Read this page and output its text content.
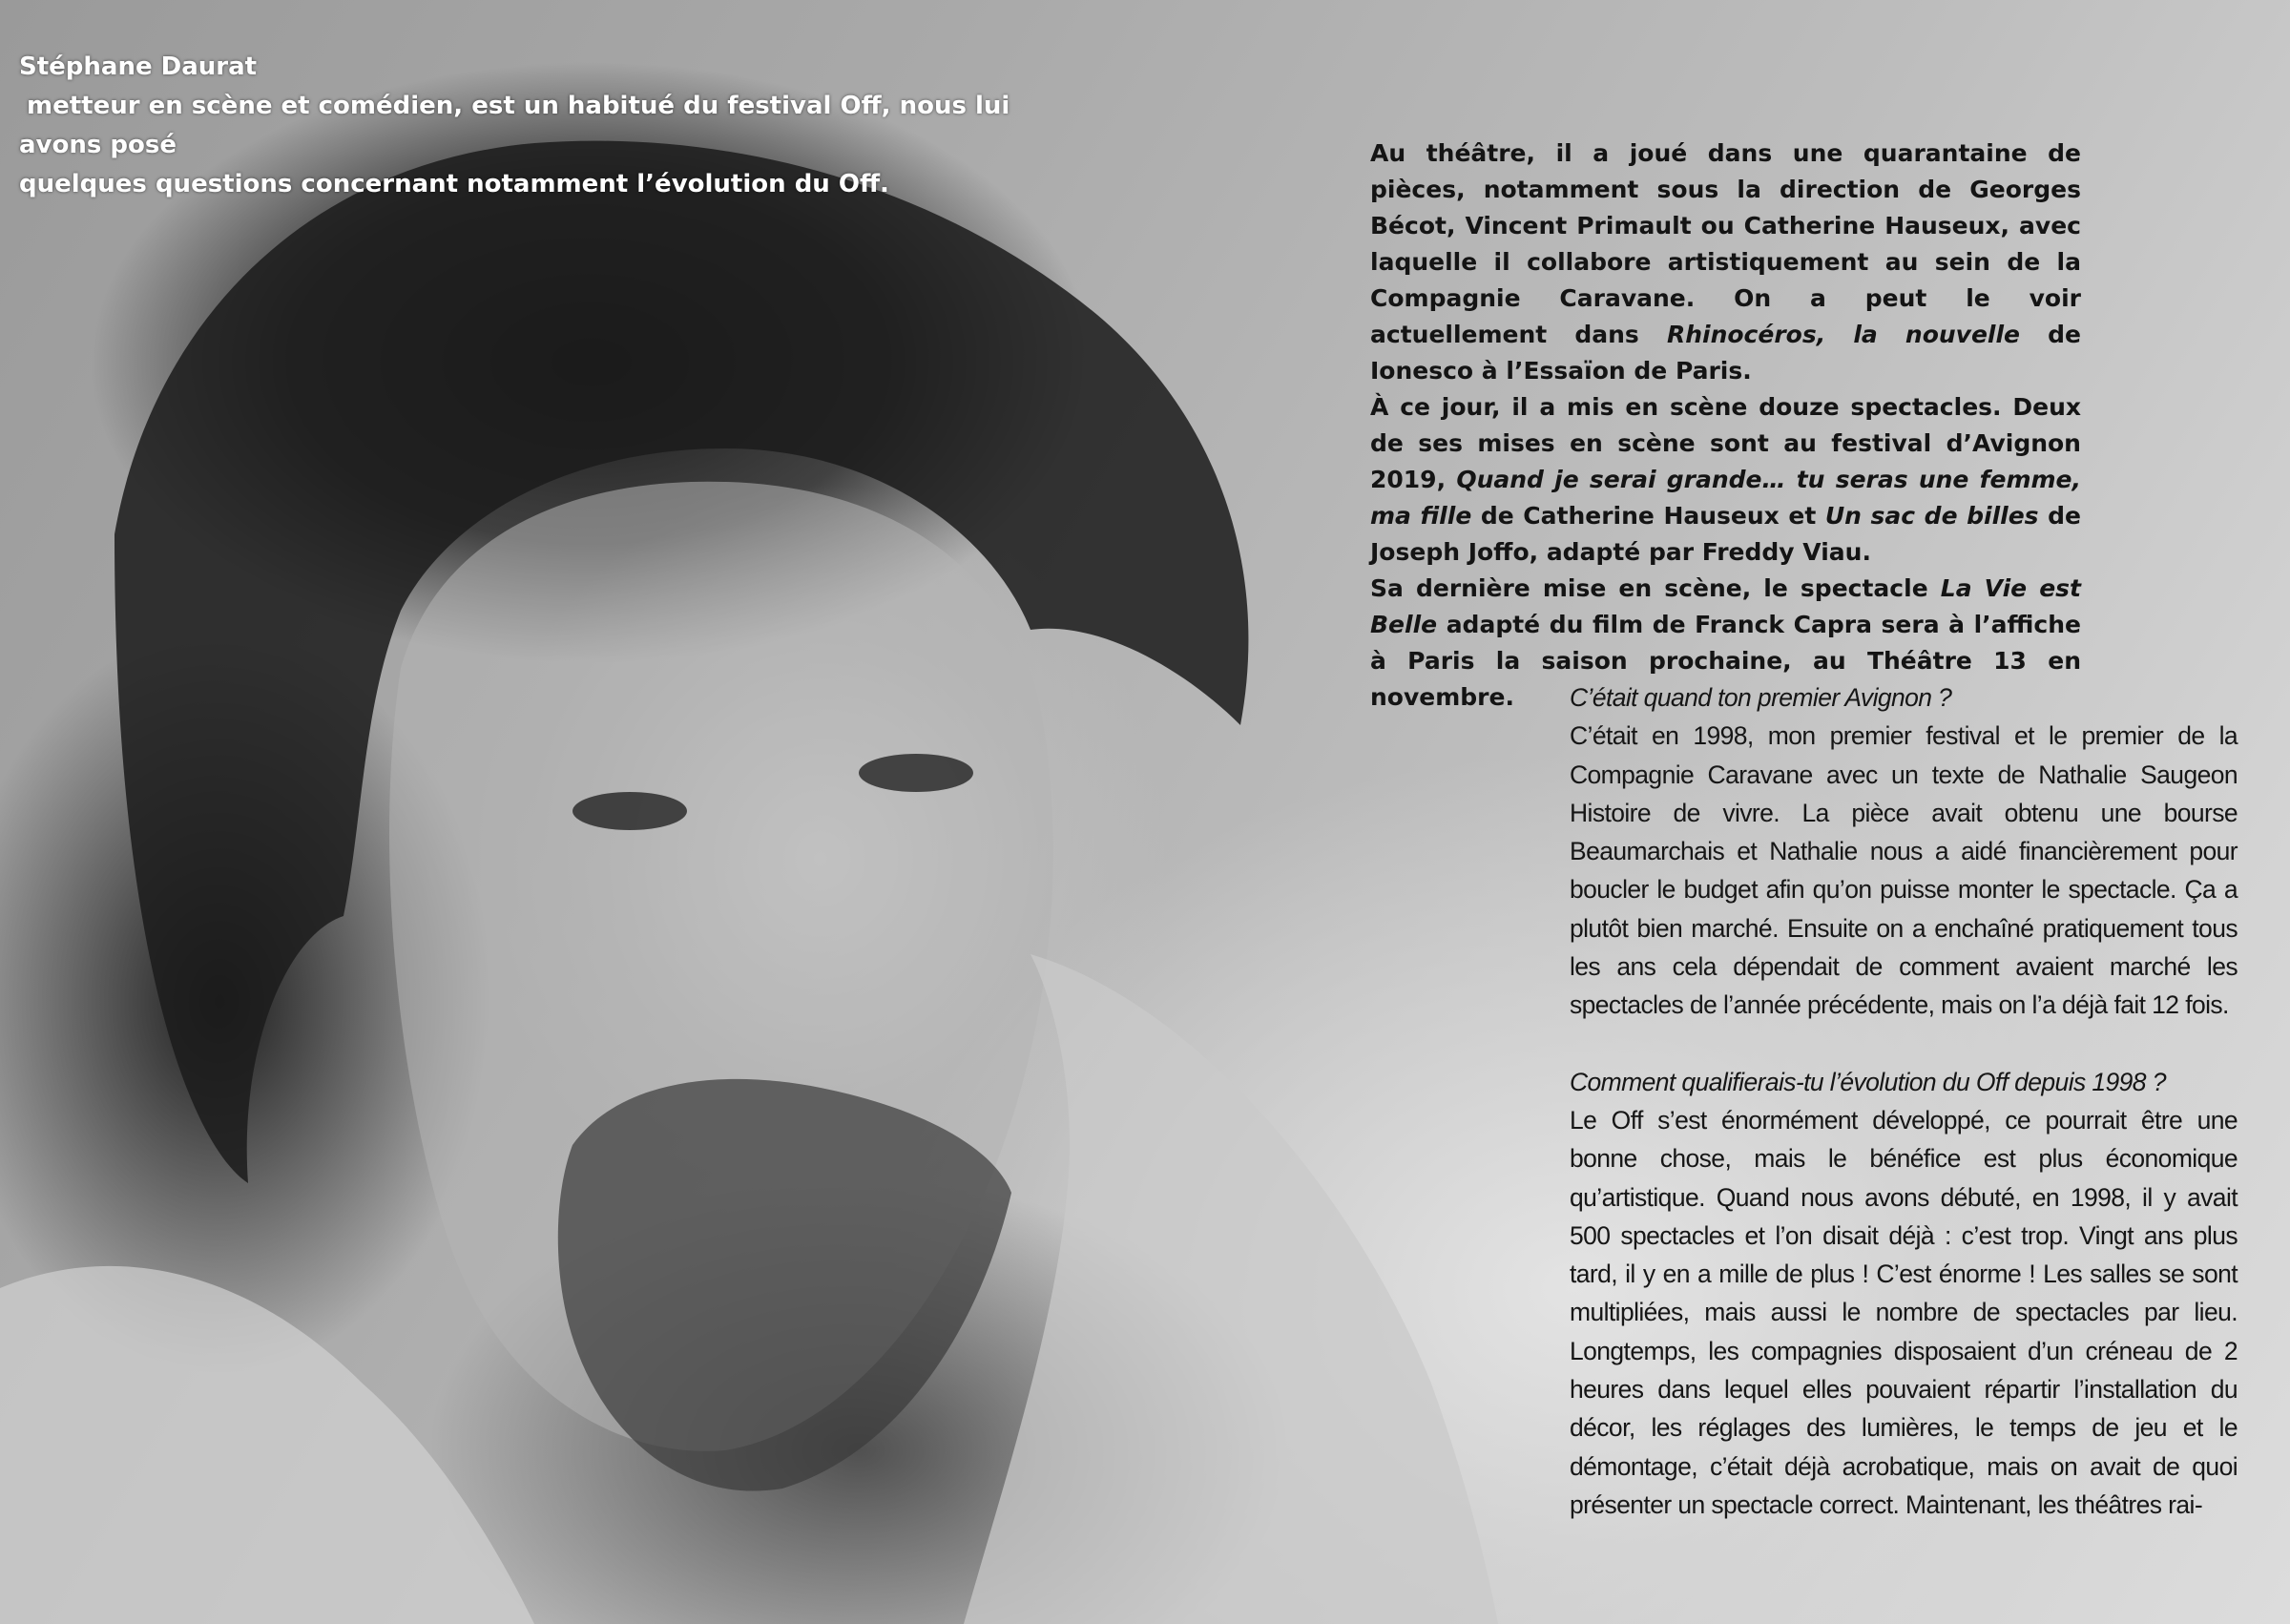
Stéphane Daurat
metteur en scène et comédien, est un habitué du festival Off, nous lui avons posé
quelques questions concernant notamment l’évolution du Off.

Au théâtre, il a joué dans une quarantaine de pièces, notamment sous la direction de Georges Bécot, Vincent Primault ou Catherine Hauseux, avec laquelle il collabore artistiquement au sein de la Compagnie Caravane. On a peut le voir actuellement dans Rhinocéros, la nouvelle de Ionesco à l’Essaïon de Paris.

À ce jour, il a mis en scène douze spectacles. Deux de ses mises en scène sont au festival d’Avignon 2019, Quand je serai grande… tu seras une femme, ma fille de Catherine Hauseux et Un sac de billes de Joseph Joffo, adapté par Freddy Viau.

Sa dernière mise en scène, le spectacle La Vie est Belle adapté du film de Franck Capra sera à l’affiche à Paris la saison prochaine, au Théâtre 13 en novembre.	C’était quand ton premier Avignon ?

C’était en 1998, mon premier festival et le premier de la Compagnie Caravane avec un texte de Nathalie Saugeon Histoire de vivre. La pièce avait obtenu une bourse Beaumarchais et Nathalie nous a aidé financièrement pour boucler le budget afin qu’on puisse monter le spectacle. Ça a plutôt bien marché. Ensuite on a enchaîné pratiquement tous les ans cela dépendait de comment avaient marché les spectacles de l’année précédente, mais on l’a déjà fait 12 fois.

Comment qualifierais-tu l’évolution du Off depuis 1998 ?

Le Off s’est énormément développé, ce pourrait être une bonne chose, mais le bénéfice est plus économique qu’artistique. Quand nous avons débuté, en 1998, il y avait 500 spectacles et l’on disait déjà : c’est trop. Vingt ans plus tard, il y en a mille de plus ! C’est énorme ! Les salles se sont multipliées, mais aussi le nombre de spectacles par lieu. Longtemps, les compagnies disposaient d’un créneau de 2 heures dans lequel elles pouvaient répartir l’installation du décor, les réglages des lumières, le temps de jeu et le démontage, c’était déjà acrobatique, mais on avait de quoi présenter un spectacle correct. Maintenant, les théâtres rai-
